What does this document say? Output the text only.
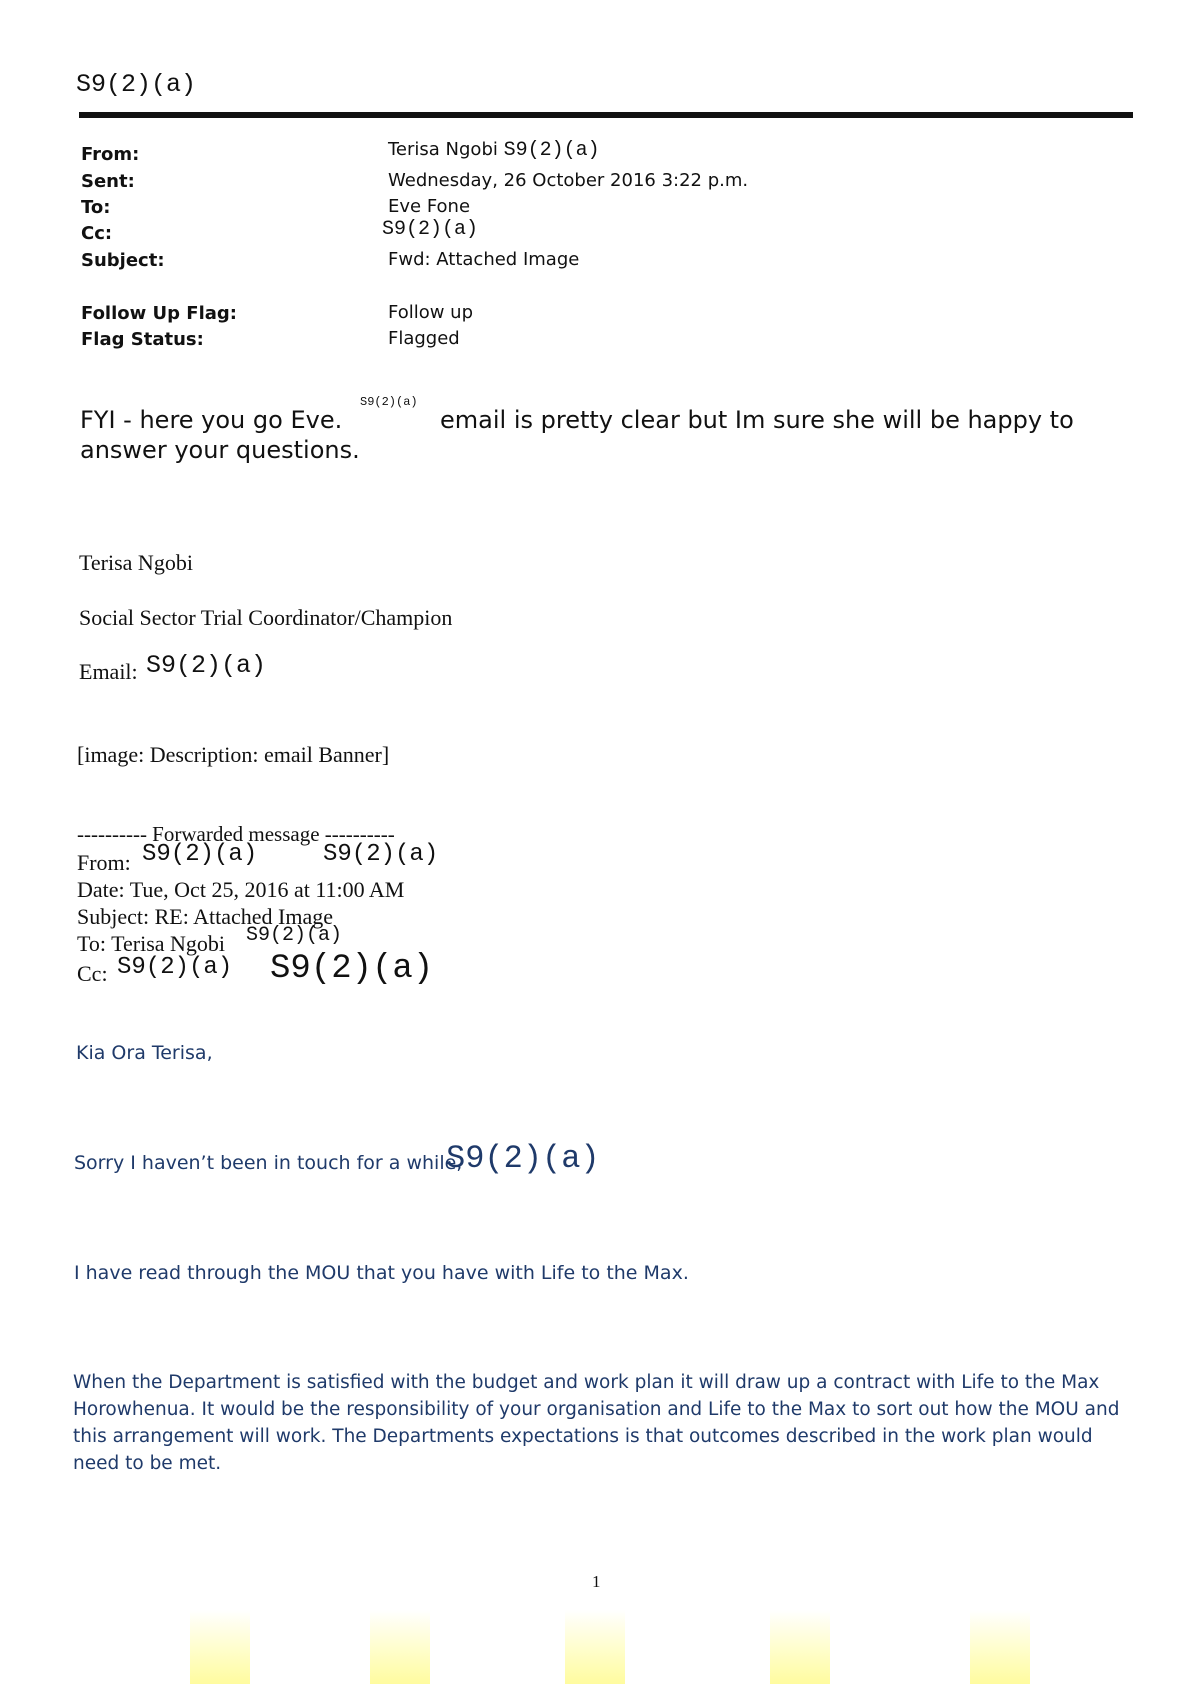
S9(2)(a)
From:	Terisa Ngobi S9(2)(a)
Sent:	Wednesday, 26 October 2016 3:22 p.m.
To:	Eve Fone
Cc:	S9(2)(a)
Subject:	Fwd: Attached Image
Follow Up Flag:	Follow up
Flag Status:	Flagged
FYI - here you go Eve.
S9(2)(a)
email is pretty clear but Im sure she will be happy to
answer your questions.
Terisa Ngobi
Social Sector Trial Coordinator/Champion
Email: S9(2)(a)
[image: Description: email Banner]
---------- Forwarded message ----------
From: S9(2)(a)	S9(2)(a)
Date: Tue, Oct 25, 2016 at 11:00 AM
Subject: RE: Attached Image
To: Terisa Ngobi S9(2)(a)
Cc: S9(2)(a) S9(2)(a)
Kia Ora Terisa,
Sorry I haven’t been in touch for a while,
S9(2)(a)
I have read through the MOU that you have with Life to the Max.
When the Department is satisfied with the budget and work plan it will draw up a contract with Life to the Max Horowhenua. It would be the responsibility of your organisation and Life to the Max to sort out how the MOU and this arrangement will work. The Departments expectations is that outcomes described in the work plan would need to be met.
1
